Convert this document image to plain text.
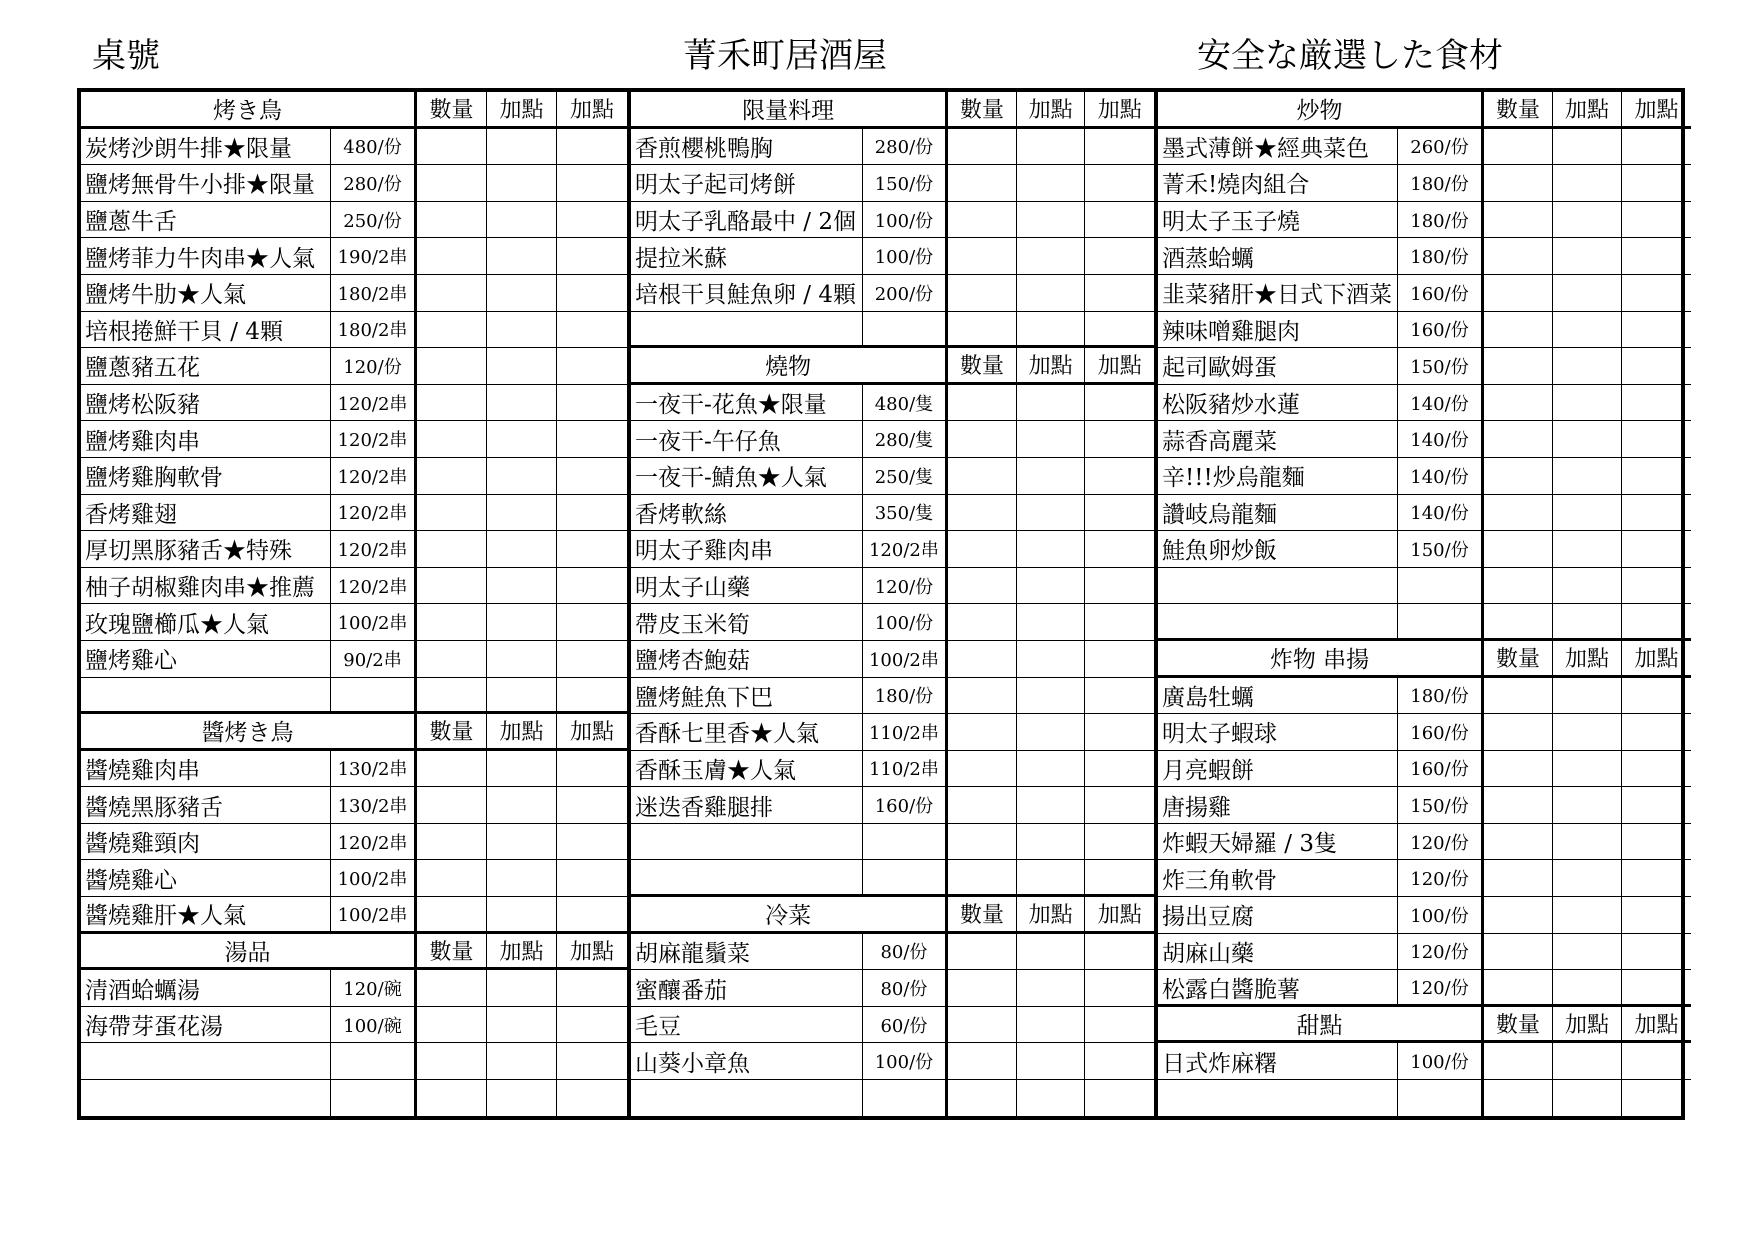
桌號	菁禾町居酒屋	安全な厳選した食材
烤き鳥	數量	加點	加點
炭烤沙朗牛排★限量	480/份
鹽烤無骨牛小排★限量	280/份
鹽蔥牛舌	250/份
鹽烤菲力牛肉串★人氣	190/2串
鹽烤牛肋★人氣	180/2串
培根捲鮮干貝 / 4顆	180/2串
鹽蔥豬五花	120/份
鹽烤松阪豬	120/2串
鹽烤雞肉串	120/2串
鹽烤雞胸軟骨	120/2串
香烤雞翅	120/2串
厚切黑豚豬舌★特殊	120/2串
柚子胡椒雞肉串★推薦	120/2串
玫瑰鹽櫛瓜★人氣	100/2串
鹽烤雞心	90/2串
醬烤き鳥	數量	加點	加點
醬燒雞肉串	130/2串
醬燒黑豚豬舌	130/2串
醬燒雞頸肉	120/2串
醬燒雞心	100/2串
醬燒雞肝★人氣	100/2串
湯品	數量	加點	加點
清酒蛤蠣湯	120/碗
海帶芽蛋花湯	100/碗
限量料理	數量	加點	加點
香煎櫻桃鴨胸	280/份
明太子起司烤餅	150/份
明太子乳酪最中 / 2個	100/份
提拉米蘇	100/份
培根干貝鮭魚卵 / 4顆	200/份
燒物	數量	加點	加點
一夜干-花魚★限量	480/隻
一夜干-午仔魚	280/隻
一夜干-鯖魚★人氣	250/隻
香烤軟絲	350/隻
明太子雞肉串	120/2串
明太子山藥	120/份
帶皮玉米筍	100/份
鹽烤杏鮑菇	100/2串
鹽烤鮭魚下巴	180/份
香酥七里香★人氣	110/2串
香酥玉膚★人氣	110/2串
迷迭香雞腿排	160/份
冷菜	數量	加點	加點
胡麻龍鬚菜	80/份
蜜釀番茄	80/份
毛豆	60/份
山葵小章魚	100/份
炒物	數量	加點	加點
墨式薄餅★經典菜色	260/份
菁禾!燒肉組合	180/份
明太子玉子燒	180/份
酒蒸蛤蠣	180/份
韭菜豬肝★日式下酒菜	160/份
辣味噌雞腿肉	160/份
起司歐姆蛋	150/份
松阪豬炒水蓮	140/份
蒜香高麗菜	140/份
辛!!!炒烏龍麵	140/份
讚岐烏龍麵	140/份
鮭魚卵炒飯	150/份
炸物 串揚	數量	加點	加點
廣島牡蠣	180/份
明太子蝦球	160/份
月亮蝦餅	160/份
唐揚雞	150/份
炸蝦天婦羅 / 3隻	120/份
炸三角軟骨	120/份
揚出豆腐	100/份
胡麻山藥	120/份
松露白醬脆薯	120/份
甜點	數量	加點	加點
日式炸麻糬	100/份
